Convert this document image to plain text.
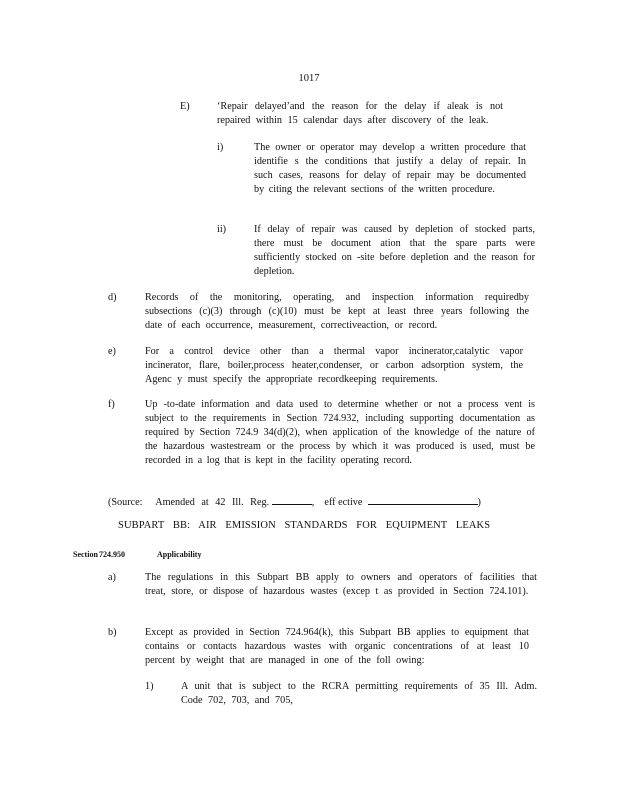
1017
E)	‘Repair delayed’and the reason for the delay if aleak is not repaired within 15 calendar days after discovery of the leak.
i)	The owner or operator may develop a written procedure that identifie s the conditions that justify a delay of repair. In such cases, reasons for delay of repair may be documented by citing the relevant sections of the written procedure.
ii)	If delay of repair was caused by depletion of stocked parts, there must be document ation that the spare parts were sufficiently stocked on -site before depletion and the reason for depletion.
d)	Records of the monitoring, operating, and inspection information requiredby subsections (c)(3) through (c)(10) must be kept at least three years following the date of each occurrence, measurement, correctiveaction, or record.
e)	For a control device other than a thermal vapor incinerator,catalytic vapor incinerator, flare, boiler,process heater,condenser, or carbon adsorption system, the Agenc y must specify the appropriate recordkeeping requirements.
f)	Up -to-date information and data used to determine whether or not a process vent is subject to the requirements in Section 724.932, including supporting documentation as required by Section 724.9 34(d)(2), when application of the knowledge of the nature of the hazardous wastestream or the process by which it was produced is used, must be recorded in a log that is kept in the facility operating record.
(Source: Amended at 42 Ill. Reg.	,    eff ective	)
SUBPART BB: AIR EMISSION STANDARDS FOR EQUIPMENT LEAKS
Section 724.950	Applicability
a)	The regulations in this Subpart BB apply to owners and operators of facilities that treat, store, or dispose of hazardous wastes (excep t as provided in Section 724.101).
b)	Except as provided in Section 724.964(k), this Subpart BB applies to equipment that contains or contacts hazardous wastes with organic concentrations of at least 10 percent by weight that are managed in one of the foll owing:
1)	A unit that is subject to the RCRA permitting requirements of 35 Ill. Adm. Code 702, 703, and 705,
